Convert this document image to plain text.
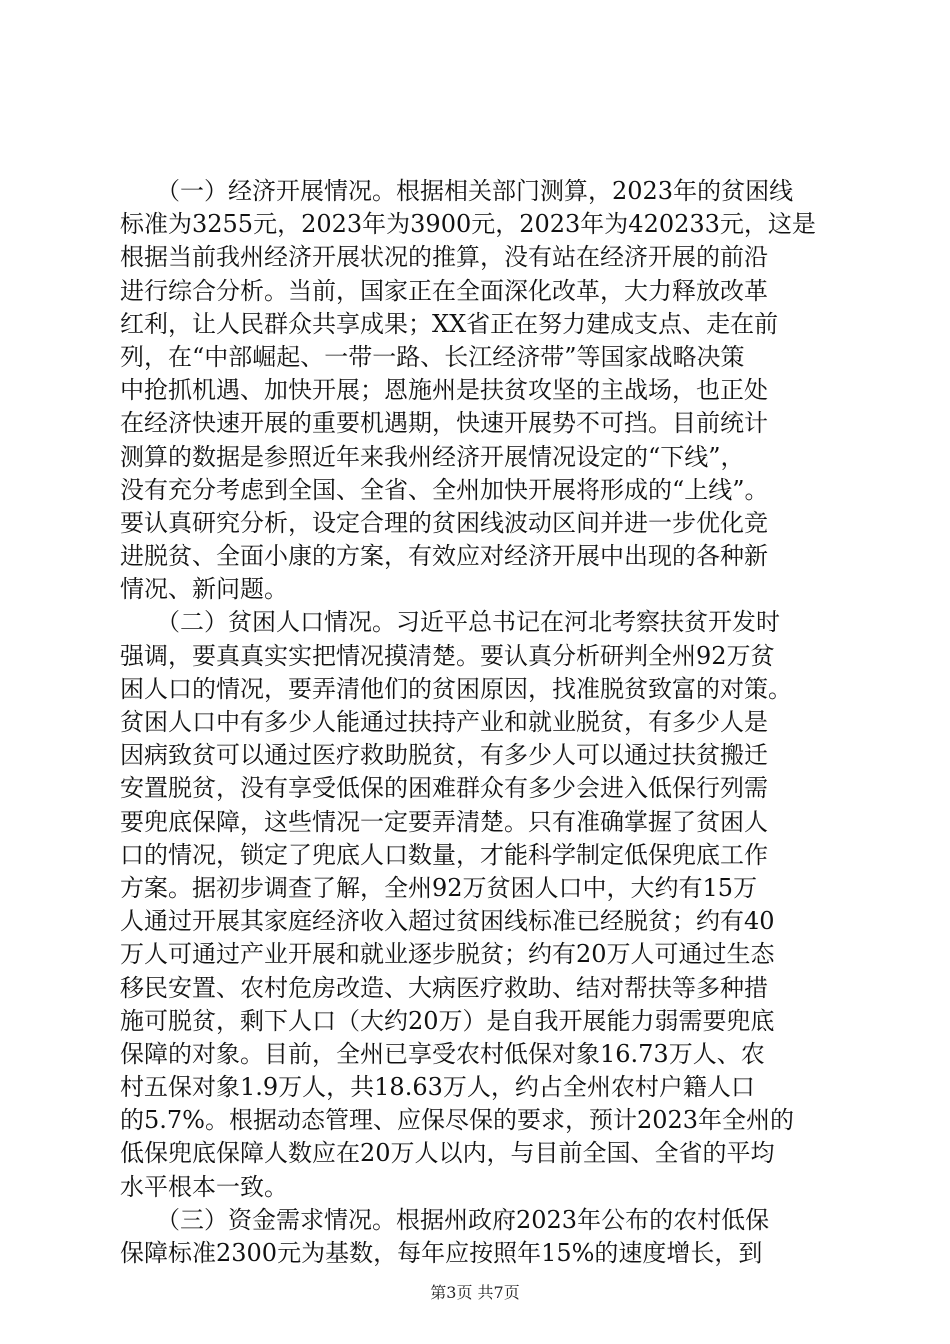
　　（一）经济开展情况。根据相关部门测算，2023年的贫困线
标准为3255元，2023年为3900元，2023年为420233元，这是
根据当前我州经济开展状况的推算，没有站在经济开展的前沿
进行综合分析。当前，国家正在全面深化改革，大力释放改革
红利，让人民群众共享成果；XX省正在努力建成支点、走在前
列，在“中部崛起、一带一路、长江经济带”等国家战略决策
中抢抓机遇、加快开展；恩施州是扶贫攻坚的主战场，也正处
在经济快速开展的重要机遇期，快速开展势不可挡。目前统计
测算的数据是参照近年来我州经济开展情况设定的“下线”，
没有充分考虑到全国、全省、全州加快开展将形成的“上线”。
要认真研究分析，设定合理的贫困线波动区间并进一步优化竞
进脱贫、全面小康的方案，有效应对经济开展中出现的各种新
情况、新问题。
　　（二）贫困人口情况。习近平总书记在河北考察扶贫开发时
强调，要真真实实把情况摸清楚。要认真分析研判全州92万贫
困人口的情况，要弄清他们的贫困原因，找准脱贫致富的对策。
贫困人口中有多少人能通过扶持产业和就业脱贫，有多少人是
因病致贫可以通过医疗救助脱贫，有多少人可以通过扶贫搬迁
安置脱贫，没有享受低保的困难群众有多少会进入低保行列需
要兜底保障，这些情况一定要弄清楚。只有准确掌握了贫困人
口的情况，锁定了兜底人口数量，才能科学制定低保兜底工作
方案。据初步调查了解，全州92万贫困人口中，大约有15万
人通过开展其家庭经济收入超过贫困线标准已经脱贫；约有40
万人可通过产业开展和就业逐步脱贫；约有20万人可通过生态
移民安置、农村危房改造、大病医疗救助、结对帮扶等多种措
施可脱贫，剩下人口（大约20万）是自我开展能力弱需要兜底
保障的对象。目前，全州已享受农村低保对象16.73万人、农
村五保对象1.9万人，共18.63万人，约占全州农村户籍人口
的5.7%。根据动态管理、应保尽保的要求，预计2023年全州的
低保兜底保障人数应在20万人以内，与目前全国、全省的平均
水平根本一致。
　　（三）资金需求情况。根据州政府2023年公布的农村低保
保障标准2300元为基数，每年应按照年15%的速度增长，到
第3页 共7页
